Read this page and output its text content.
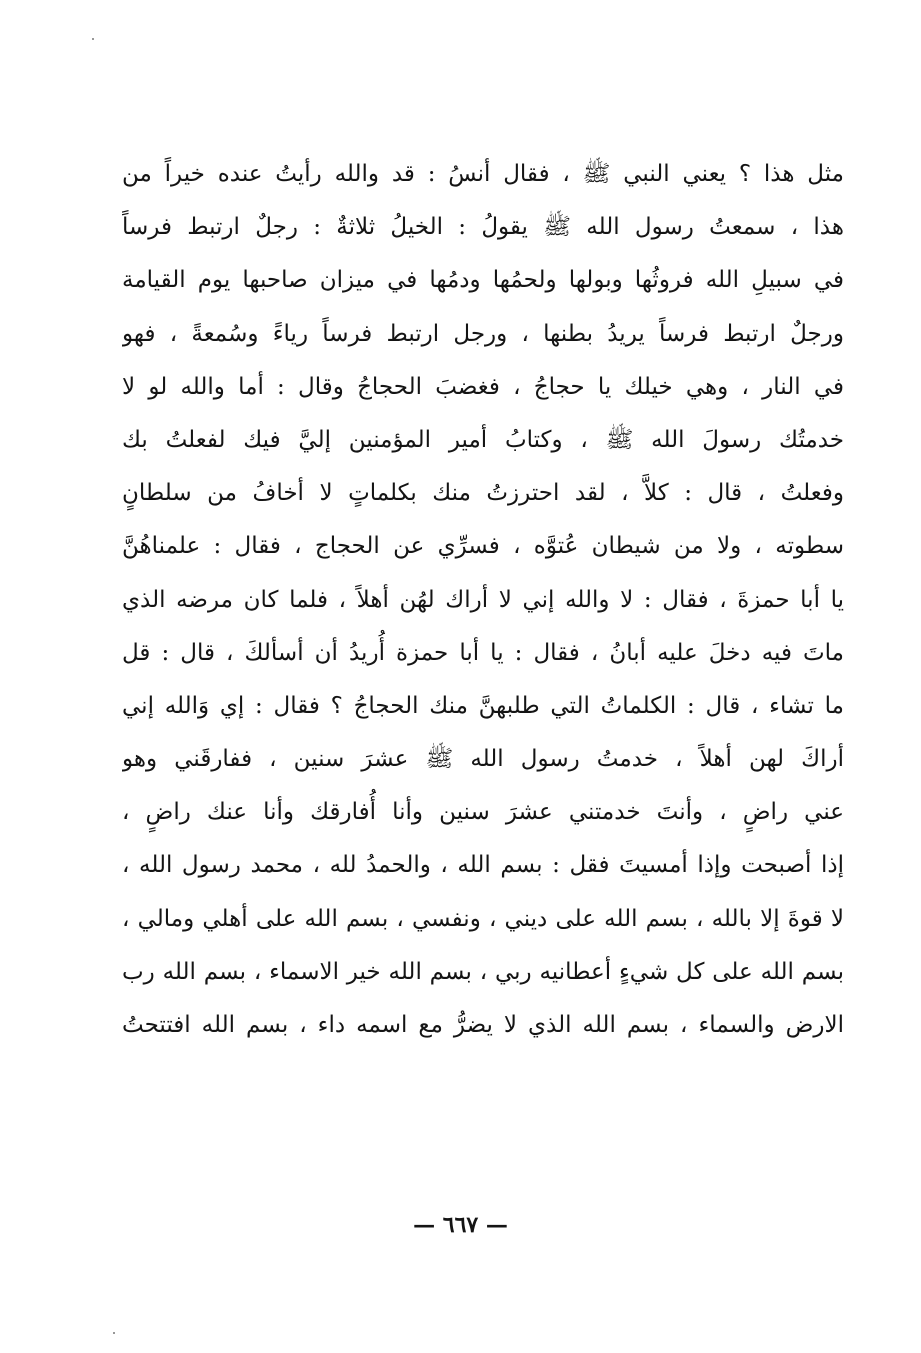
مثل هذا ؟ يعني النبي ﷺ ، فقال أنسُ : قد والله رأيتُ عنده خيراً من
هذا ، سمعتُ رسول الله ﷺ يقولُ : الخيلُ ثلاثةٌ : رجلٌ ارتبط فرساً
في سبيلِ الله فروثُها وبولها ولحمُها ودمُها في ميزان صاحبها يوم القيامة
ورجلٌ ارتبط فرساً يريدُ بطنها ، ورجل ارتبط فرساً رياءً وسُمعةً ، فهو
في النار ، وهي خيلك يا حجاجُ ، فغضبَ الحجاجُ وقال : أما والله لو لا
خدمتُك رسولَ الله ﷺ ، وكتابُ أمير المؤمنين إليَّ فيك لفعلتُ بك
وفعلتُ ، قال : كلاَّ ، لقد احترزتُ منك بكلماتٍ لا أخافُ من سلطانٍ
سطوته ، ولا من شيطان عُتوَّه ، فسرِّي عن الحجاج ، فقال : علمناهُنَّ
يا أبا حمزةَ ، فقال : لا والله إني لا أراك لهُن أهلاً ، فلما كان مرضه الذي
ماتَ فيه دخلَ عليه أبانُ ، فقال : يا أبا حمزة أُريدُ أن أسألكَ ، قال : قل
ما تشاء ، قال : الكلماتُ التي طلبهنَّ منك الحجاجُ ؟ فقال : إي وَالله إني
أراكَ لهن أهلاً ، خدمتُ رسول الله ﷺ عشرَ سنين ، ففارقَني وهو
عني راضٍ ، وأنتَ خدمتني عشرَ سنين وأنا أُفارقك وأنا عنك راضٍ ،
إذا أصبحت وإذا أمسيتَ فقل : بسم الله ، والحمدُ لله ، محمد رسول الله ،
لا قوةَ إلا بالله ، بسم الله على ديني ، ونفسي ، بسم الله على أهلي ومالي ،
بسم الله على كل شيءٍ أعطانيه ربي ، بسم الله خير الاسماء ، بسم الله رب
الارض والسماء ، بسم الله الذي لا يضرُّ مع اسمه داء ، بسم الله افتتحتُ
— ٦٦٧ —
